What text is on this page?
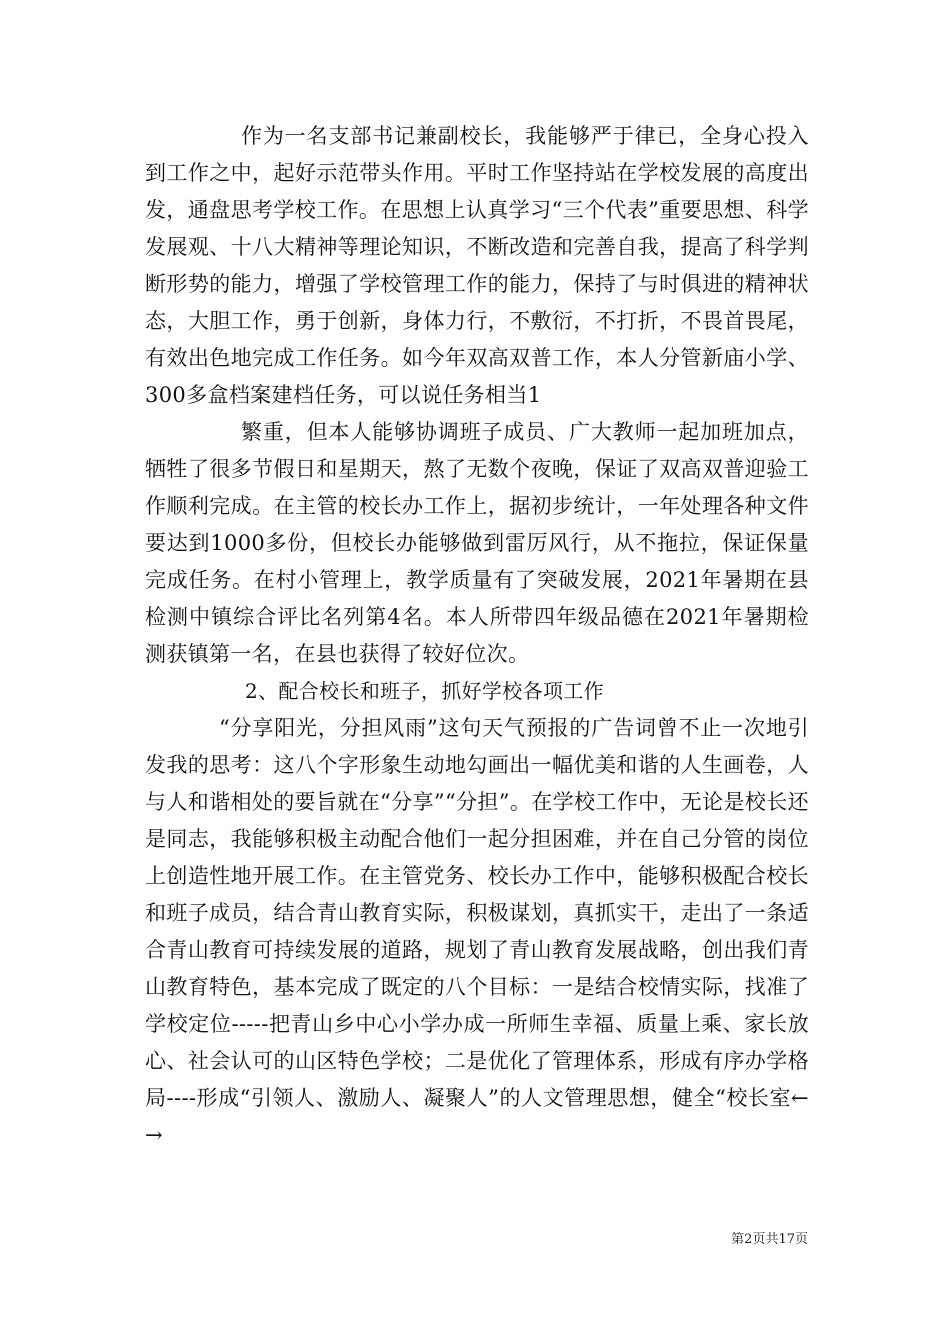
作为一名支部书记兼副校长，我能够严于律已，全身心投入到工作之中，起好示范带头作用。平时工作坚持站在学校发展的高度出发，通盘思考学校工作。在思想上认真学习“三个代表”重要思想、科学发展观、十八大精神等理论知识，不断改造和完善自我，提高了科学判断形势的能力，增强了学校管理工作的能力，保持了与时俱进的精神状态，大胆工作，勇于创新，身体力行，不敷衍，不打折，不畏首畏尾，有效出色地完成工作任务。如今年双高双普工作，本人分管新庙小学、300多盒档案建档任务，可以说任务相当1

繁重，但本人能够协调班子成员、广大教师一起加班加点，牺牲了很多节假日和星期天，熬了无数个夜晚，保证了双高双普迎验工作顺利完成。在主管的校长办工作上，据初步统计，一年处理各种文件要达到1000多份，但校长办能够做到雷厉风行，从不拖拉，保证保量完成任务。在村小管理上，教学质量有了突破发展，2021年暑期在县检测中镇综合评比名列第4名。本人所带四年级品德在2021年暑期检测获镇第一名，在县也获得了较好位次。

2、配合校长和班子，抓好学校各项工作

“分享阳光，分担风雨”这句天气预报的广告词曾不止一次地引发我的思考：这八个字形象生动地勾画出一幅优美和谐的人生画卷，人与人和谐相处的要旨就在“分享”“分担”。在学校工作中，无论是校长还是同志，我能够积极主动配合他们一起分担困难，并在自己分管的岗位上创造性地开展工作。在主管党务、校长办工作中，能够积极配合校长和班子成员，结合青山教育实际，积极谋划，真抓实干，走出了一条适合青山教育可持续发展的道路，规划了青山教育发展战略，创出我们青山教育特色，基本完成了既定的八个目标：一是结合校情实际，找准了学校定位-----把青山乡中心小学办成一所师生幸福、质量上乘、家长放心、社会认可的山区特色学校；二是优化了管理体系，形成有序办学格局----形成“引领人、激励人、凝聚人”的人文管理思想，健全“校长室←→

第2页共17页
